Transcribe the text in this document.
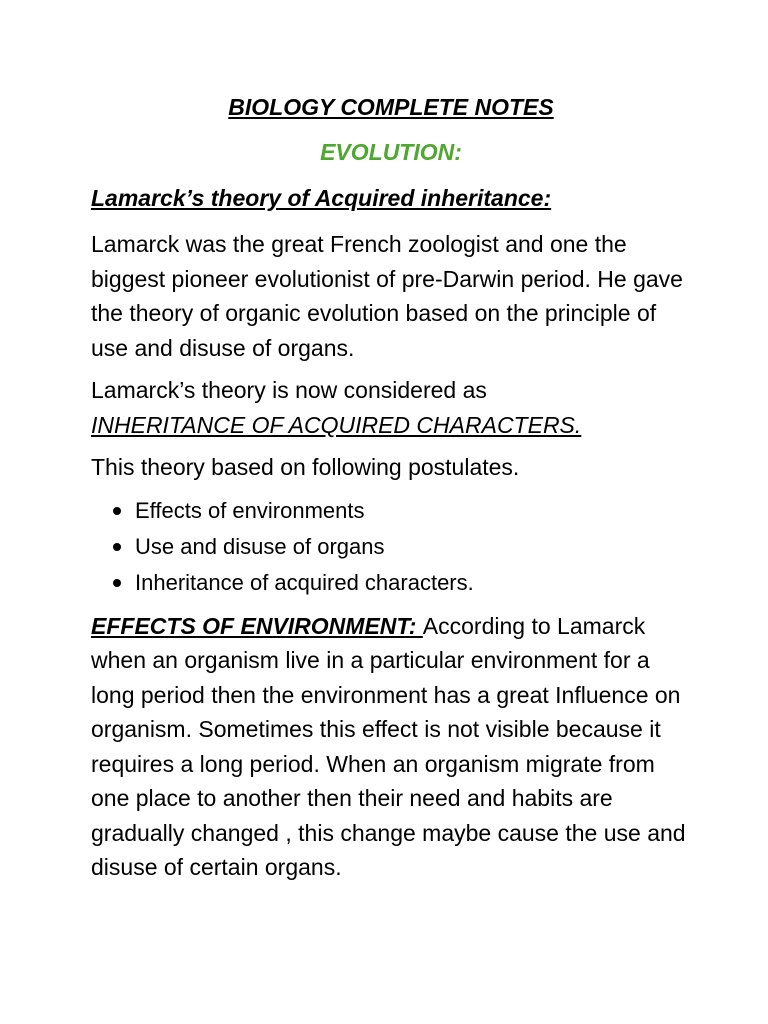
BIOLOGY COMPLETE NOTES
EVOLUTION:
Lamarck’s theory of Acquired inheritance:

Lamarck was the great French zoologist and one the biggest pioneer evolutionist of pre-Darwin period. He gave the theory of organic evolution based on the principle of use and disuse of organs.

Lamarck’s theory is now considered as
INHERITANCE OF ACQUIRED CHARACTERS.

This theory based on following postulates.

Effects of environments
Use and disuse of organs
Inheritance of acquired characters.

EFFECTS OF ENVIRONMENT: According to Lamarck when an organism live in a particular environment for a long period then the environment has a great Influence on organism. Sometimes this effect is not visible because it requires a long period. When an organism migrate from one place to another then their need and habits are gradually changed , this change maybe cause the use and disuse of certain organs.
